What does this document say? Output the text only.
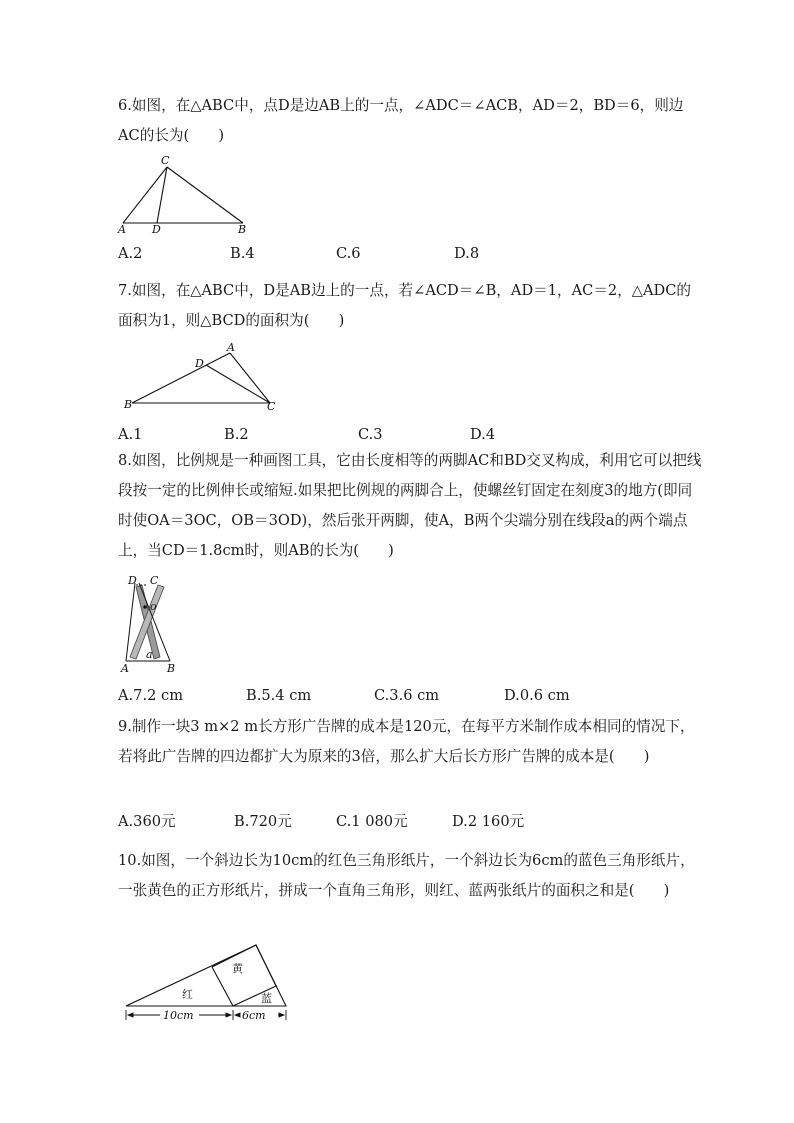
6.如图，在△ABC中，点D是边AB上的一点，∠ADC＝∠ACB，AD＝2，BD＝6，则边AC的长为(　　)

C
A D	B
A.2	B.4	C.6	D.8

7.如图，在△ABC中，D是AB边上的一点，若∠ACD＝∠B，AD＝1，AC＝2，△ADC的面积为1，则△BCD的面积为(　　)

A
D
B	C
A.1	B.2	C.3	D.4

8.如图，比例规是一种画图工具，它由长度相等的两脚AC和BD交叉构成，利用它可以把线段按一定的比例伸长或缩短.如果把比例规的两脚合上，使螺丝钉固定在刻度3的地方(即同时使OA＝3OC，OB＝3OD)，然后张开两脚，使A，B两个尖端分别在线段a的两个端点上，当CD＝1.8cm时，则AB的长为(　　)

D C
o
a
A	B
A.7.2 cm	B.5.4 cm	C.3.6 cm	D.0.6 cm

9.制作一块3 m×2 m长方形广告牌的成本是120元，在每平方米制作成本相同的情况下，若将此广告牌的四边都扩大为原来的3倍，那么扩大后长方形广告牌的成本是(　　)

A.360元	B.720元	C.1 080元	D.2 160元

10.如图，一个斜边长为10cm的红色三角形纸片，一个斜边长为6cm的蓝色三角形纸片，一张黄色的正方形纸片，拼成一个直角三角形，则红、蓝两张纸片的面积之和是(　　)

黄
红	蓝
10cm	6cm
